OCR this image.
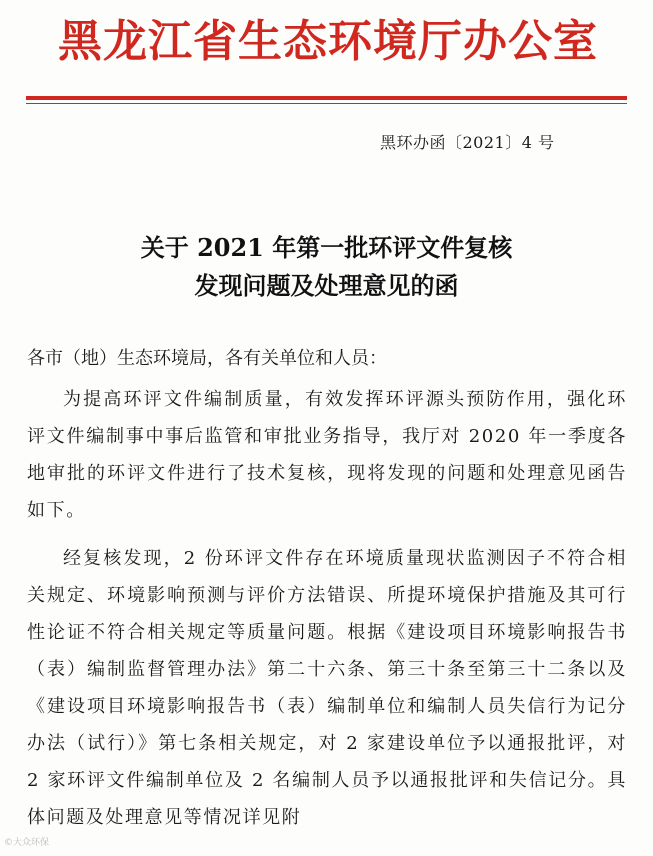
黑龙江省生态环境厅办公室
黑环办函〔2021〕4 号
关于 2021 年第一批环评文件复核
发现问题及处理意见的函
各市（地）生态环境局，各有关单位和人员：
为提高环评文件编制质量，有效发挥环评源头预防作用，强化环评文件编制事中事后监管和审批业务指导，我厅对 2020 年一季度各地审批的环评文件进行了技术复核，现将发现的问题和处理意见函告如下。
经复核发现，2 份环评文件存在环境质量现状监测因子不符合相关规定、环境影响预测与评价方法错误、所提环境保护措施及其可行性论证不符合相关规定等质量问题。根据《建设项目环境影响报告书（表）编制监督管理办法》第二十六条、第三十条至第三十二条以及《建设项目环境影响报告书（表）编制单位和编制人员失信行为记分办法（试行）》第七条相关规定，对 2 家建设单位予以通报批评，对 2 家环评文件编制单位及 2 名编制人员予以通报批评和失信记分。具体问题及处理意见等情况详见附
©大众环保
